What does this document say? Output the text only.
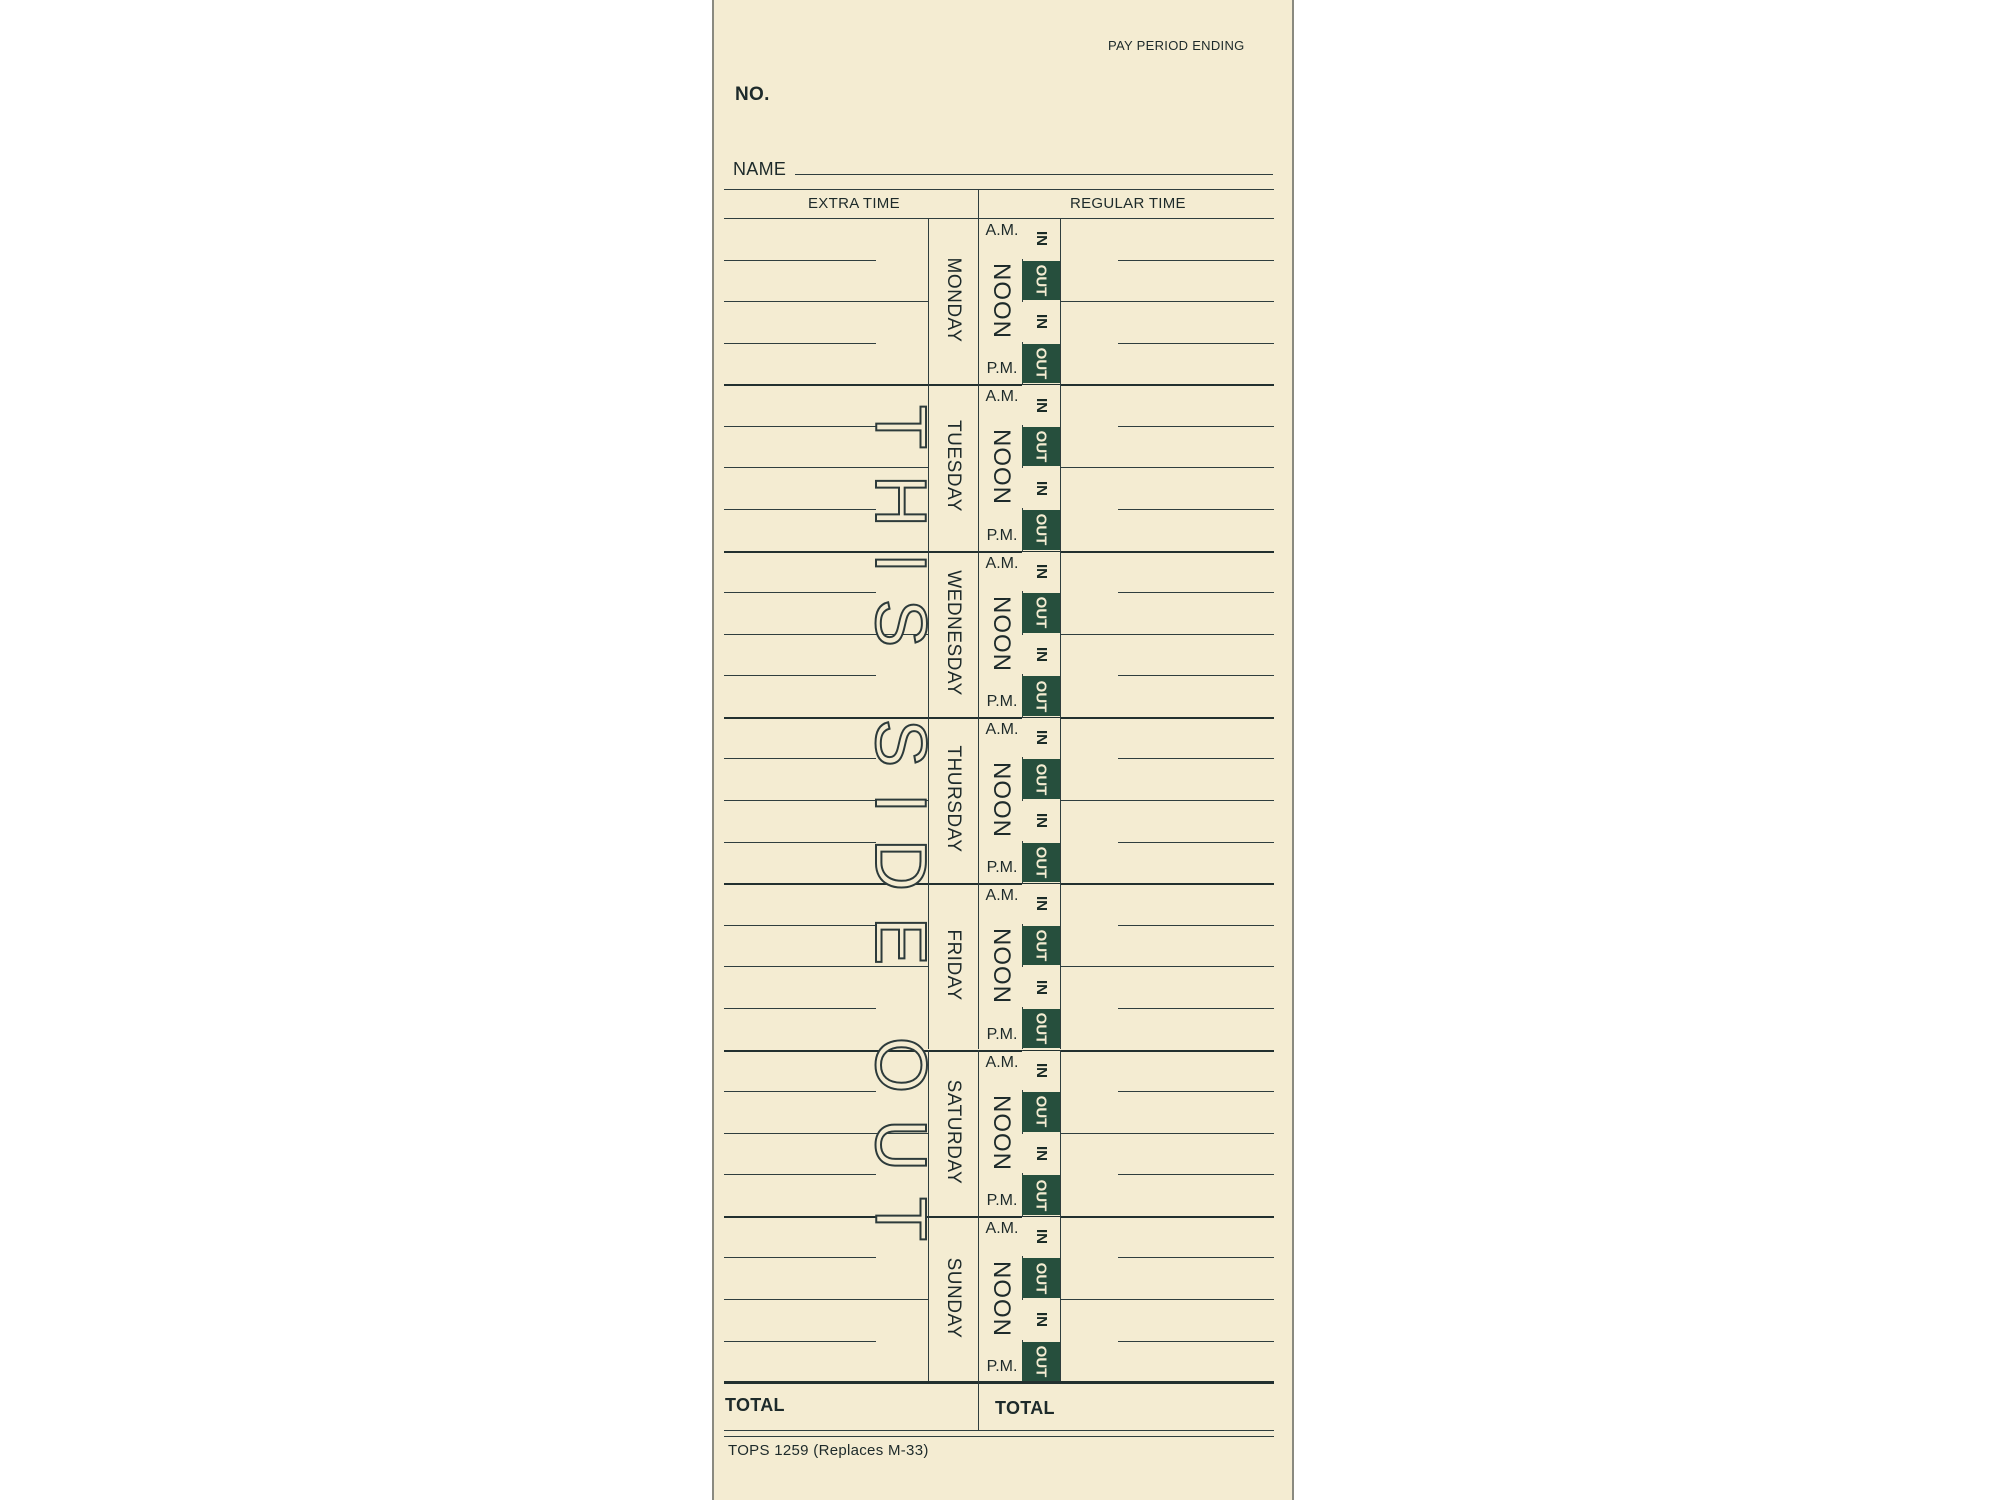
PAY PERIOD ENDING
NO.
NAME
EXTRA TIME	REGULAR TIME
MONDAY NOON
A.M.
P.M.
IN
OUT
IN
OUT
TUESDAY NOON
A.M.
P.M.
IN
OUT
IN
OUT
WEDNESDAY NOON
A.M.
P.M.
IN
OUT
IN
OUT
THURSDAY NOON
A.M.
P.M.
IN
OUT
IN
OUT
FRIDAY NOON
A.M.
P.M.
IN
OUT
IN
OUT
SATURDAY NOON
A.M.
P.M.
IN
OUT
IN
OUT
SUNDAY NOON
A.M.
P.M.
IN
OUT
IN
OUT
THIS SIDE OUT
TOTAL	TOTAL
TOPS 1259 (Replaces M-33)
